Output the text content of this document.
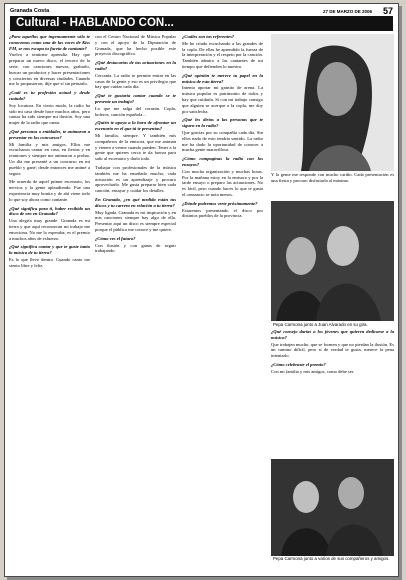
Granada Costa	27 DE MARZO DE 2006 57
Cultural - HABLANDO CON...
¿Para aquellos que ingenuamente sólo te conocemos como una de las voces de Kiss FM, se nos escapa tu faceta de cantante?
Vuelvo a sentirme aprendiz. Hay que preparar un nuevo disco, el tercero de la serie, con canciones nuevas, grabarlo, buscar un productor y hacer presentaciones y conciertos en diversas ciudades. Cuando me lo propusieron, dije que sí sin pensarlo.
¿Cuál es tu profesión actual y desde cuándo?
Soy locutora. En cierto modo, la radio ha sido mi casa desde hace muchos años, pero cantar ha sido siempre mi ilusión. Soy una mujer de la radio que canta.
¿Qué personas o entidades, te animaron a presentar en los concursos?
Mi familia y mis amigos. Ellos me escucharon cantar en casa, en fiestas y en reuniones y siempre me animaron a probar. Un día me presenté a un concurso en mi pueblo y gané; desde entonces me animé a seguir.
Me acuerdo de aquel primer escenario, los nervios y la gente aplaudiendo. Fue una experiencia muy bonita y de ahí viene todo lo que soy ahora como cantante.
¿Qué significa para ti, haber recibido un disco de oro en Granada?
Una alegría muy grande. Granada es mi tierra y que aquí reconozcan mi trabajo me emociona. No me lo esperaba; es el premio a muchos años de esfuerzo.
¿Qué significa cantar y que te guste tanto la música de tu tierra?
Es lo que llevo dentro. Cuando canto me siento libre y feliz.
con el Centro Nacional de Música Popular y con el apoyo de la Diputación de Granada, que ha hecho posible este proyecto discográfico.
¿Qué destacarías de tus actuaciones en la radio?
Cercanía. La radio te permite entrar en las casas de la gente y eso es un privilegio que hay que cuidar cada día.
¿Qué te gustaría cantar cuando se te presente un trabajo?
Lo que me salga del corazón. Copla, boleros, canción española...
¿Quién te apoya a la hora de afrontar un escenario en el que tú te presentas?
Mi familia, siempre. Y también mis compañeros de la emisora, que me animan y vienen a verme cuando pueden. Tener a la gente que quieres cerca te da fuerza para salir al escenario y darlo todo.
Trabajar con profesionales de la música también me ha enseñado mucho; cada actuación es un aprendizaje y procuro aprovecharlo. Me gusta preparar bien cada canción, ensayar y cuidar los detalles.
En Granada, ¿en qué medida están tus discos y tu carrera en relación a tu tierra?
Muy ligada. Granada es mi inspiración y en mis canciones siempre hay algo de ella. Presentar aquí un disco es siempre especial porque el público me conoce y me quiere.
¿Cómo ves el futuro?
Con ilusión y con ganas de seguir trabajando.
¿Cuáles son tus referentes?
Me he criado escuchando a las grandes de la copla. De ellas he aprendido la fuerza de la interpretación y el respeto por la canción. También admiro a las cantantes de mi tiempo que defienden lo nuestro.
¿Qué opinión te merece tu papel en la música de esta tierra?
Intento aportar mi granito de arena. La música popular es patrimonio de todos y hay que cuidarla. Si con mi trabajo consigo que alguien se acerque a la copla, me doy por satisfecha.
¿Qué les dirías a las personas que te siguen en la radio?
Que gracias por su compañía cada día. Sin ellos nada de esto tendría sentido. La radio me ha dado la oportunidad de conocer a mucha gente maravillosa.
¿Cómo compaginas la radio con los ensayos?
Con mucha organización y muchas horas. Por la mañana estoy en la emisora y por la tarde ensayo o preparo las actuaciones. No es fácil, pero cuando haces lo que te gusta el cansancio se nota menos.
¿Dónde podremos verte próximamente?
Estaremos presentando el disco por distintos pueblos de la provincia.
Y la gente me responde con mucho cariño. Cada presentación es una fiesta y procuro disfrutarla al máximo.
Pepa Carmona junto a Juan Alvarado en su gira.
¿Qué consejo darías a los jóvenes que quieren dedicarse a la música?
Que trabajen mucho, que se formen y que no pierdan la ilusión. Es un camino difícil, pero si de verdad te gusta, merece la pena intentarlo.
¿Cómo celebraste el premio?
Con mi familia y mis amigos, como debe ser.
Pepa Carmona junto a varios de sus compañeros y amigos.
